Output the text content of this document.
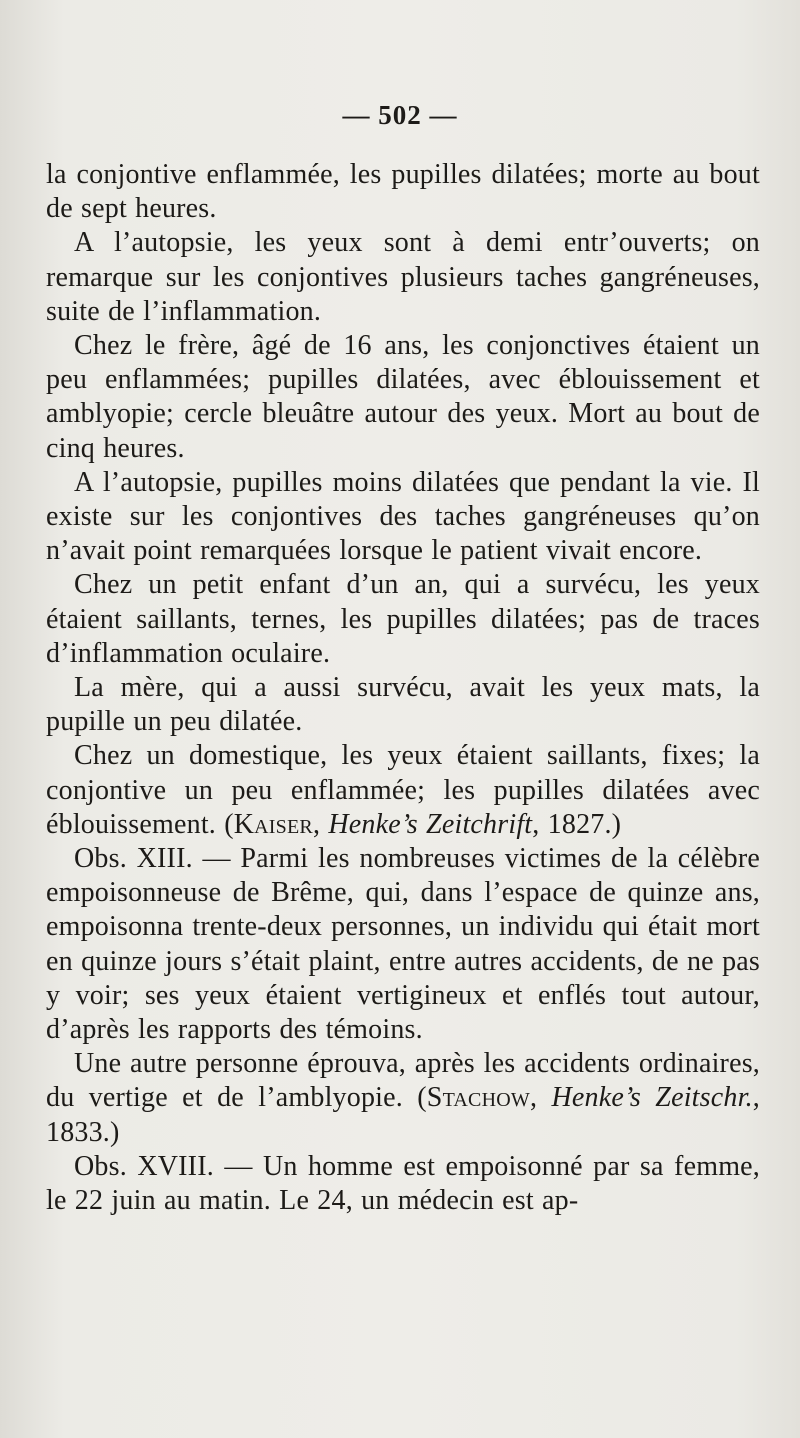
— 502 —

la conjontive enflammée, les pupilles dilatées; morte au bout de sept heures.

A l’autopsie, les yeux sont à demi entr’ouverts; on remarque sur les conjontives plusieurs taches gangréneuses, suite de l’inflammation.

Chez le frère, âgé de 16 ans, les conjonctives étaient un peu enflammées; pupilles dilatées, avec éblouissement et amblyopie; cercle bleuâtre autour des yeux. Mort au bout de cinq heures.

A l’autopsie, pupilles moins dilatées que pendant la vie. Il existe sur les conjontives des taches gangréneuses qu’on n’avait point remarquées lorsque le patient vivait encore.

Chez un petit enfant d’un an, qui a survécu, les yeux étaient saillants, ternes, les pupilles dilatées; pas de traces d’inflammation oculaire.

La mère, qui a aussi survécu, avait les yeux mats, la pupille un peu dilatée.

Chez un domestique, les yeux étaient saillants, fixes; la conjontive un peu enflammée; les pupilles dilatées avec éblouissement. (Kaiser, Henke’s Zeitchrift, 1827.)

Obs. XIII. — Parmi les nombreuses victimes de la célèbre empoisonneuse de Brême, qui, dans l’espace de quinze ans, empoisonna trente-deux personnes, un individu qui était mort en quinze jours s’était plaint, entre autres accidents, de ne pas y voir; ses yeux étaient vertigineux et enflés tout autour, d’après les rapports des témoins.

Une autre personne éprouva, après les accidents ordinaires, du vertige et de l’amblyopie. (Stachow, Henke’s Zeitschr., 1833.)

Obs. XVIII. — Un homme est empoisonné par sa femme, le 22 juin au matin. Le 24, un médecin est ap-
